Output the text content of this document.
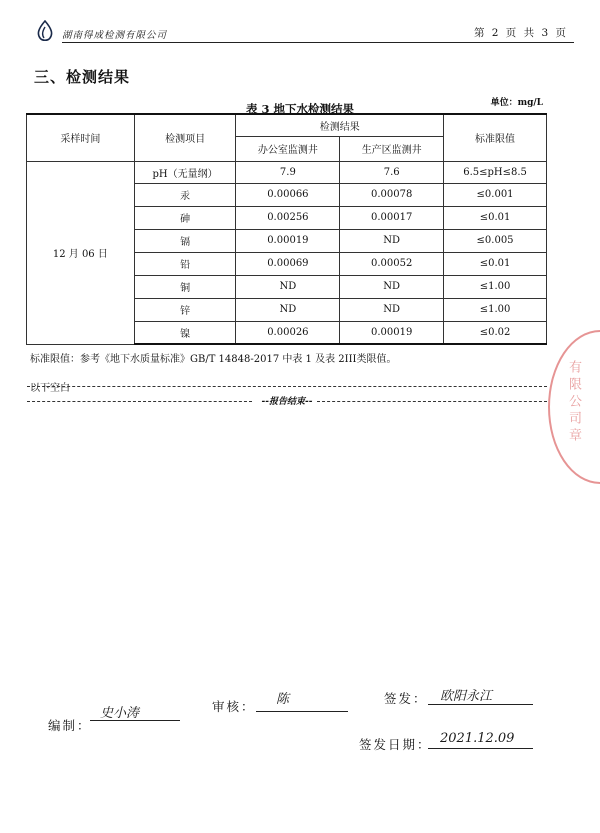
湖南得成检测有限公司	第 2 页 共 3 页
三、检测结果
表 3 地下水检测结果	单位：mg/L
采样时间	检测项目	检测结果		标准限值
		办公室监测井	生产区监测井	
12 月 06 日	pH（无量纲）	7.9	7.6	6.5≤pH≤8.5
	汞	0.00066	0.00078	≤0.001
	砷	0.00256	0.00017	≤0.01
	镉	0.00019	ND	≤0.005
	铅	0.00069	0.00052	≤0.01
	铜	ND	ND	≤1.00
	锌	ND	ND	≤1.00
	镍	0.00026	0.00019	≤0.02
标准限值：参考《地下水质量标准》GB/T 14848-2017 中表 1 及表 2III类限值。
以下空白
--报告结束--	有限公司章
编制：
史小涛	审核： 陈	签发： 欧阳永江
签发日期： 2021.12.09
